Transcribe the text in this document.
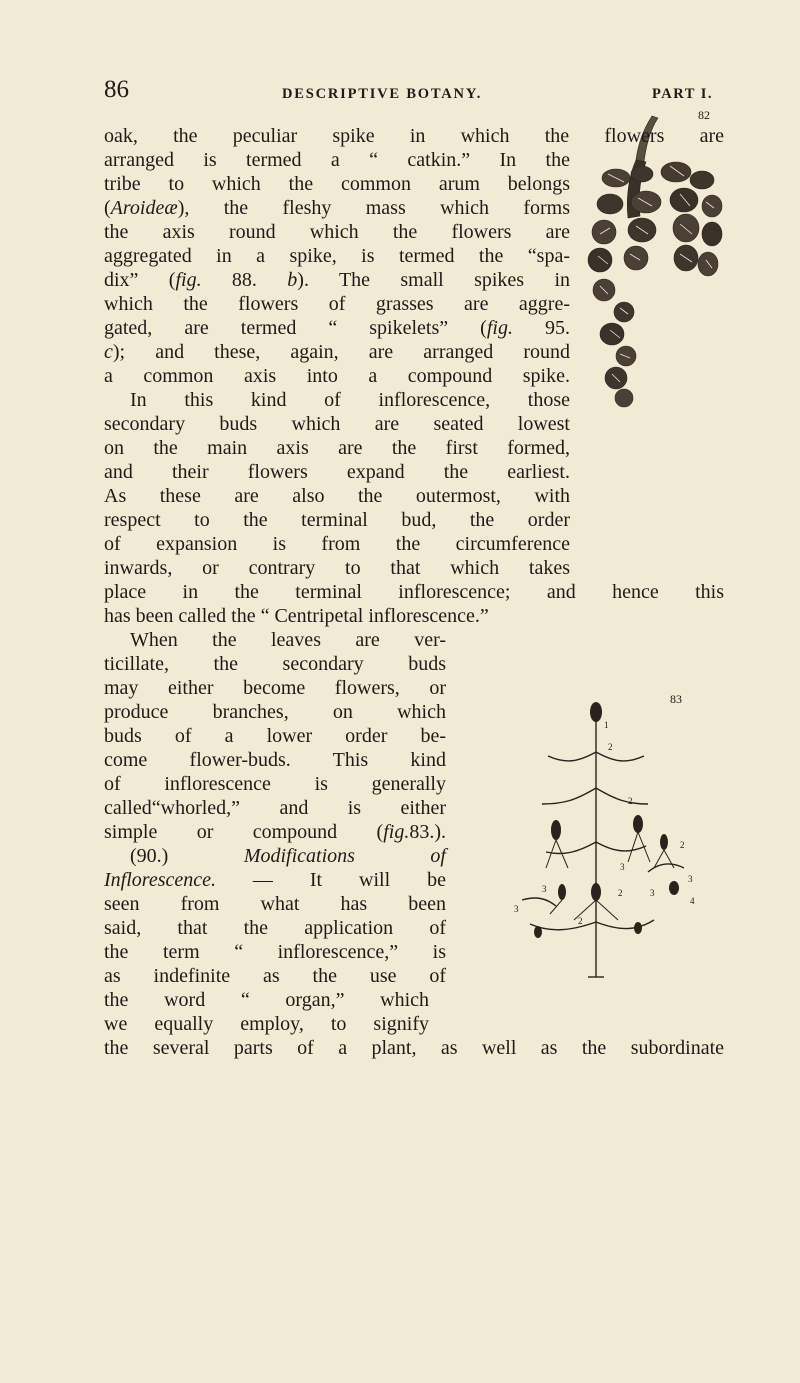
86	DESCRIPTIVE BOTANY.	PART I.
82
83
1
2
2
2
2
3
3
3
3
3
2
4
oak, the peculiar spike in which the flowers are
arranged is termed a “ catkin.” In the
tribe to which the common arum belongs
(Aroideæ), the fleshy mass which forms
the axis round which the flowers are
aggregated in a spike, is termed the “spa-
dix” (fig. 88. b). The small spikes in
which the flowers of grasses are aggre-
gated, are termed “ spikelets” (fig. 95.
c); and these, again, are arranged round
a common axis into a compound spike.
In this kind of inflorescence, those
secondary buds which are seated lowest
on the main axis are the first formed,
and their flowers expand the earliest.
As these are also the outermost, with
respect to the terminal bud, the order
of expansion is from the circumference
inwards, or contrary to that which takes
place in the terminal inflorescence; and hence this
has been called the “ Centripetal inflorescence.”
When the leaves are ver-
ticillate, the secondary buds
may either become flowers, or
produce branches, on which
buds of a lower order be-
come flower-buds. This kind
of inflorescence is generally
called“whorled,” and is either
simple or compound (fig.83.).
(90.) Modifications of
Inflorescence. — It will be
seen from what has been
said, that the application of
the term “ inflorescence,” is
as indefinite as the use of
the word “ organ,” which
we equally employ, to signify
the several parts of a plant, as well as the subordinate
